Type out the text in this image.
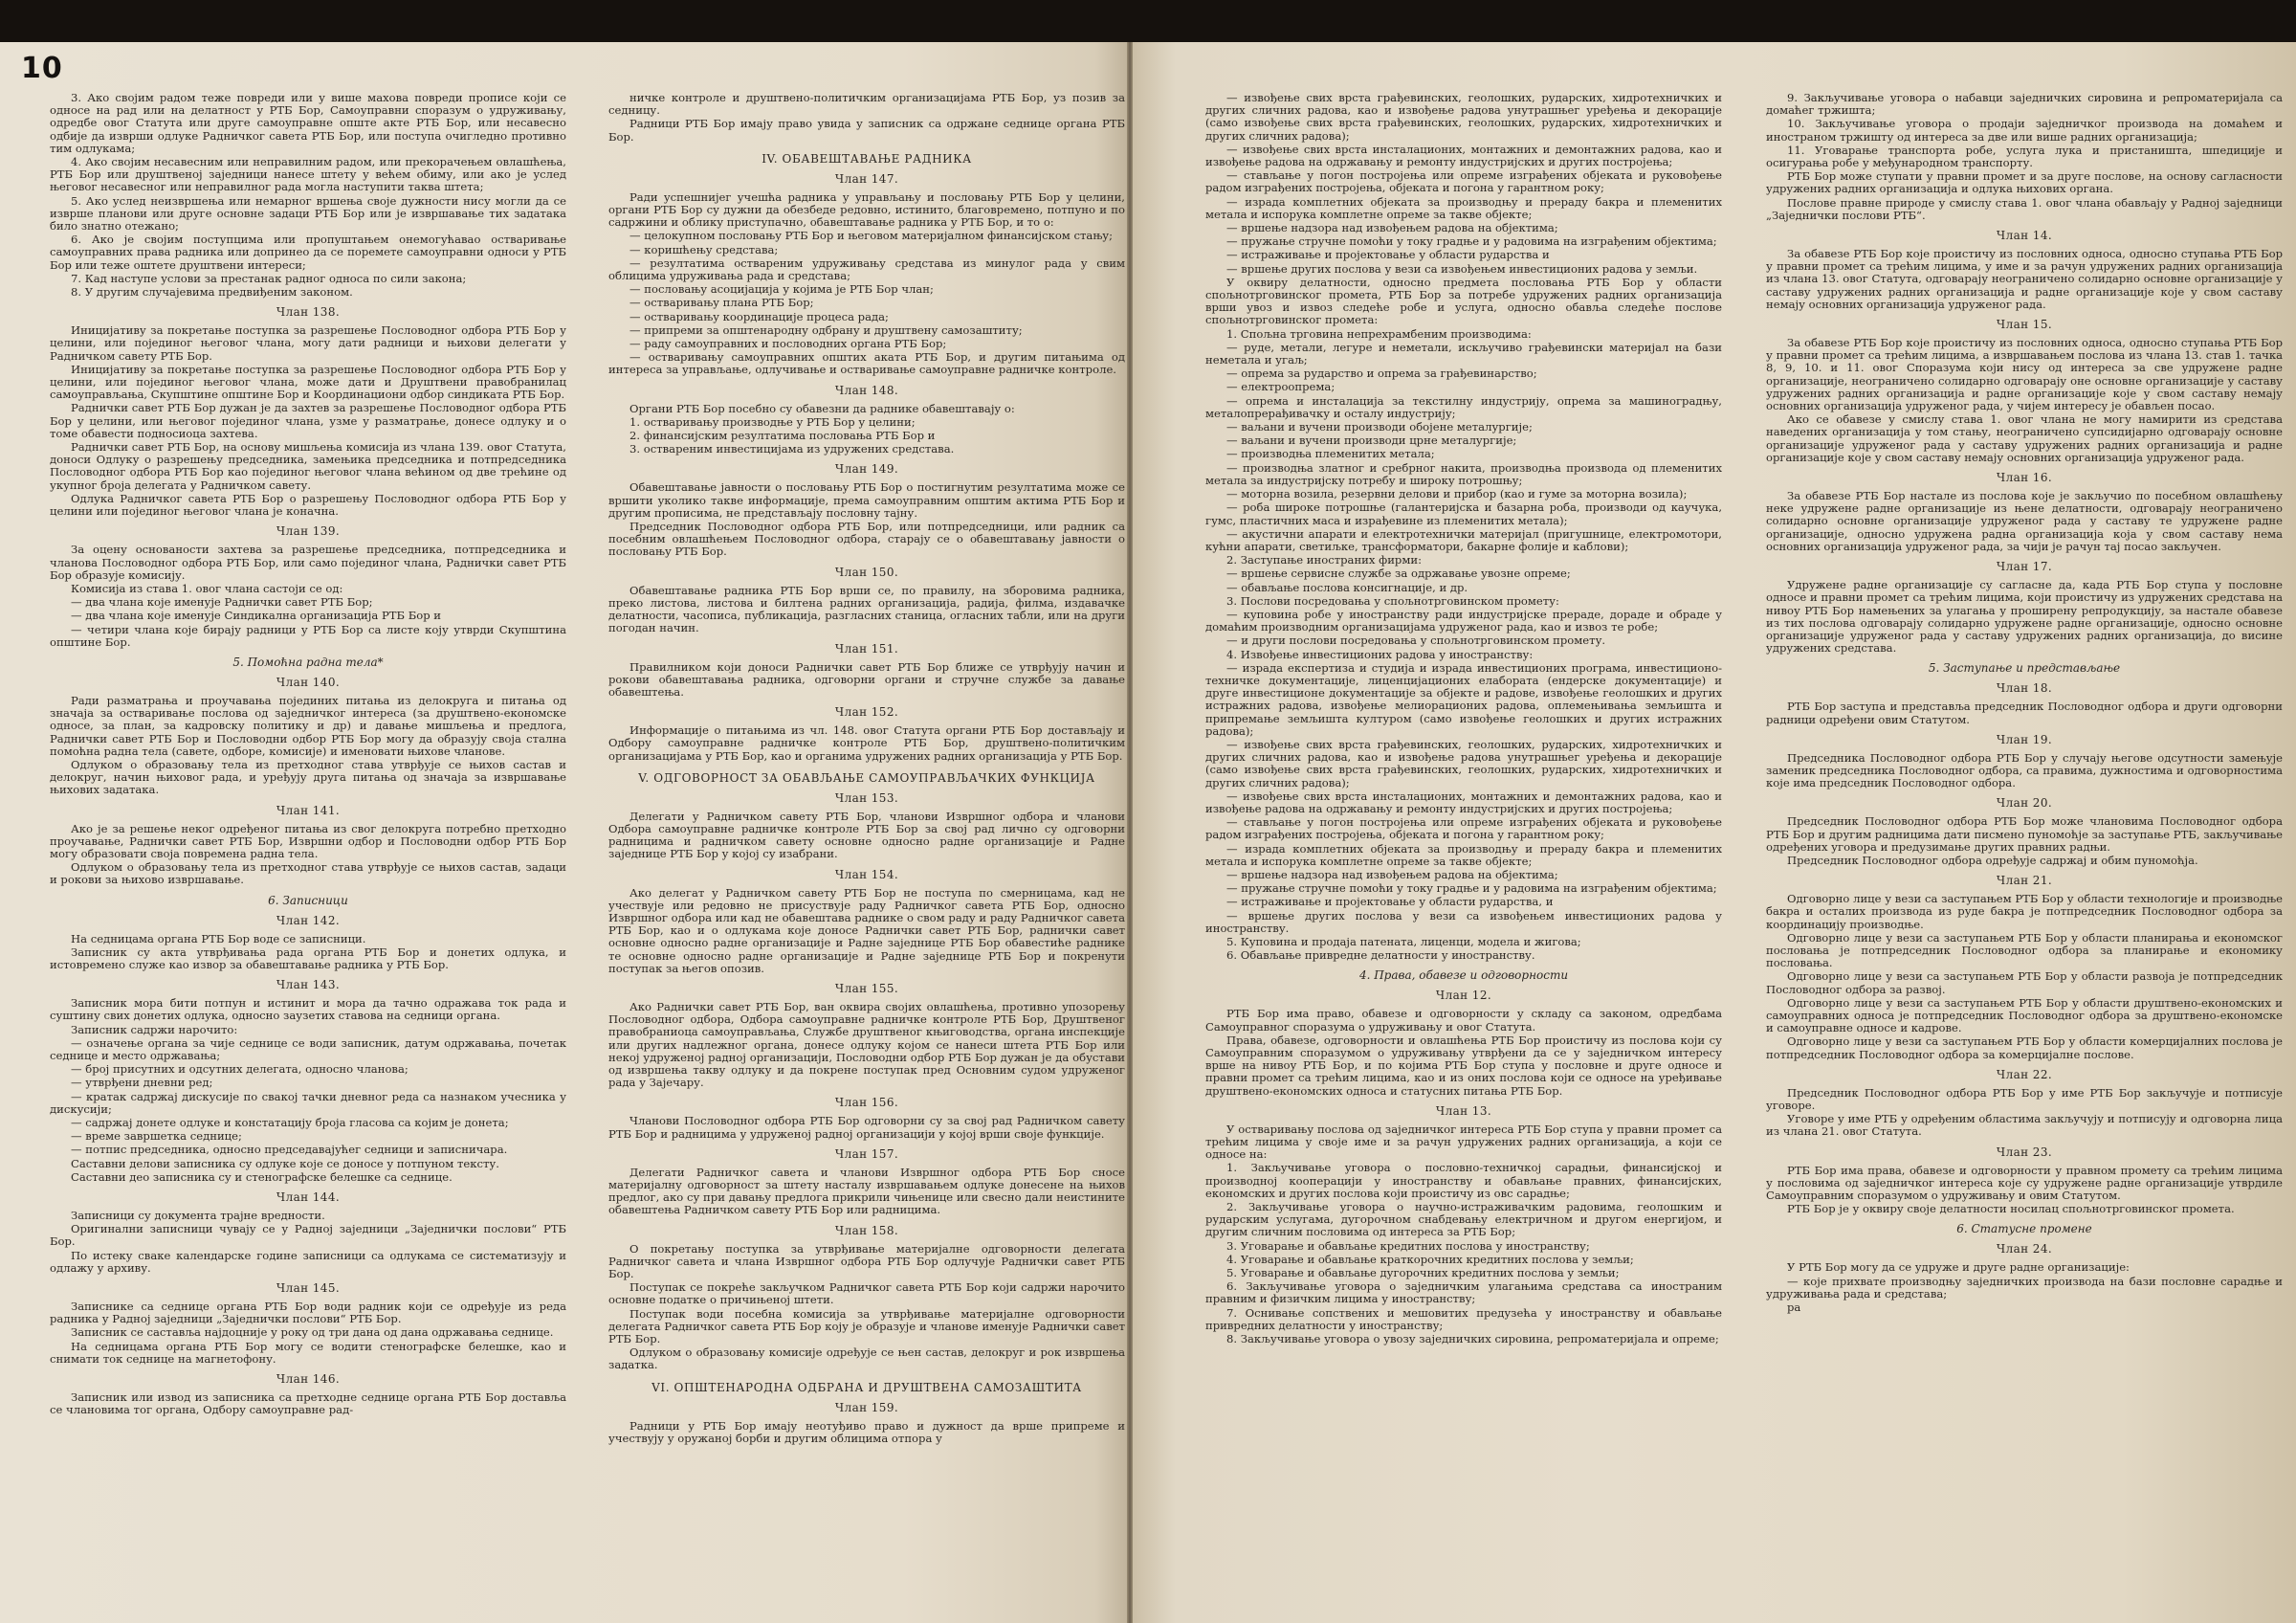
10

3. Ако својим радом теже повреди или у више махова повреди прописе који се односе на рад или на делатност у РТБ Бор, Самоуправни споразум о удруживању, одредбе овог Статута или друге самоуправне опште акте РТБ Бор, или несавесно одбије да изврши одлуке Радничког савета РТБ Бор, или поступа очигледно противно тим одлукама;

4. Ако својим несавесним или неправилним радом, или прекорачењем овлашћења, РТБ Бор или друштвеној заједници нанесе штету у већем обиму, или ако је услед његовог несавесног или неправилног рада могла наступити таква штета;

5. Ако услед неизвршења или немарног вршења своје дужности нису могли да се изврше планови или друге основне задаци РТБ Бор или је извршавање тих задатака било знатно отежано;

6. Ако је својим поступцима или пропуштањем онемогућавао остваривање самоуправних права радника или допринео да се поремете самоуправни односи у РТБ Бор или теже оштете друштвени интереси;

7. Кад наступе услови за престанак радног односа по сили закона;

8. У другим случајевима предвиђеним законом.

Члан 138.

Иницијативу за покретање поступка за разрешење Пословодног одбора РТБ Бор у целини, или појединог његовог члана, могу дати радници и њихови делегати у Радничком савету РТБ Бор.

Иницијативу за покретање поступка за разрешење Пословодног одбора РТБ Бор у целини, или појединог његовог члана, може дати и Друштвени правобранилац самоуправљања, Скупштине општине Бор и Координациони одбор синдиката РТБ Бор.

Раднички савет РТБ Бор дужан је да захтев за разрешење Пословодног одбора РТБ Бор у целини, или његовог појединог члана, узме у разматрање, донесе одлуку и о томе обавести подносиоца захтева.

Раднички савет РТБ Бор, на основу мишљења комисија из члана 139. овог Статута, доноси Одлуку о разрешењу председника, замењика председника и потпредседника Пословодног одбора РТБ Бор као појединог његовог члана већином од две трећине од укупног броја делегата у Радничком савету.

Одлука Радничког савета РТБ Бор о разрешењу Пословодног одбора РТБ Бор у целини или појединог његовог члана је коначна.

Члан 139.

За оцену основаности захтева за разрешење председника, потпредседника и чланова Пословодног одбора РТБ Бор, или само појединог члана, Раднички савет РТБ Бор образује комисију.

Комисија из става 1. овог члана састоји се од:

— два члана које именује Раднички савет РТБ Бор;

— два члана које именује Синдикална организација РТБ Бор и

— четири члана које бирају радници у РТБ Бор са листе коју утврди Скупштина општине Бор.

5. Помоћна радна тела*
Члан 140.

Ради разматрања и проучавања појединих питања из делокруга и питања од значаја за остваривање послова од заједничког интереса (за друштвено-економске односе, за план, за кадровску политику и др) и давање мишљења и предлога, Раднички савет РТБ Бор и Пословодни одбор РТБ Бор могу да образују своја стална помоћна радна тела (савете, одборе, комисије) и именовати њихове чланове.

Одлуком о образовању тела из претходног става утврђује се њихов састав и делокруг, начин њиховог рада, и уређују друга питања од значаја за извршавање њихових задатака.

Члан 141.

Ако је за решење неког одређеног питања из свог делокруга потребно претходно проучавање, Раднички савет РТБ Бор, Извршни одбор и Пословодни одбор РТБ Бор могу образовати своја повремена радна тела.

Одлуком о образовању тела из претходног става утврђује се њихов састав, задаци и рокови за њихово извршавање.

6. Записници
Члан 142.

На седницама органа РТБ Бор воде се записници.

Записник су акта утврђивања рада органа РТБ Бор и донетих одлука, и истовремено служе као извор за обавештавање радника у РТБ Бор.

Члан 143.

Записник мора бити потпун и истинит и мора да тачно одражава ток рада и суштину свих донетих одлука, односно заузетих ставова на седници органа.

Записник садржи нарочито:

— означење органа за чије седнице се води записник, датум одржавања, почетак седнице и место одржавања;

— број присутних и одсутних делегата, односно чланова;

— утврђени дневни ред;

— кратак садржај дискусије по свакој тачки дневног реда са назнаком учесника у дискусији;

— садржај донете одлуке и констатацију броја гласова са којим је донета;

— време завршетка седнице;

— потпис председника, односно председавајућег седници и записничара.

Саставни делови записника су одлуке које се доносе у потпуном тексту.

Саставни део записника су и стенографске белешке са седнице.

Члан 144.

Записници су документа трајне вредности.

Оригинални записници чувају се у Радној заједници „Заједнички послови“ РТБ Бор.

По истеку сваке календарске године записници са одлукама се систематизују и одлажу у архиву.

Члан 145.

Записнике са седнице органа РТБ Бор води радник који се одређује из реда радника у Радној заједници „Заједнички послови“ РТБ Бор.

Записник се саставља најдоцније у року од три дана од дана одржавања седнице.

На седницама органа РТБ Бор могу се водити стенографске белешке, као и снимати ток седнице на магнетофону.

Члан 146.

Записник или извод из записника са претходне седнице органа РТБ Бор доставља се члановима тог органа, Одбору самоуправне рад-

ничке контроле и друштвено-политичким организацијама РТБ Бор, уз позив за седницу.

Радници РТБ Бор имају право увида у записник са одржане седнице органа РТБ Бор.

IV. ОБАВЕШТАВАЊЕ РАДНИКА
Члан 147.

Ради успешнијег учешћа радника у управљању и пословању РТБ Бор у целини, органи РТБ Бор су дужни да обезбеде редовно, истинито, благовремено, потпуно и по садржини и облику приступачно, обавештавање радника у РТБ Бор, и то о:

— целокупном пословању РТБ Бор и његовом материјалном финансијском стању;

— коришћењу средстава;

— резултатима оствареним удруживању средстава из минулог рада у свим облицима удруживања рада и средстава;

— пословању асоцијација у којима је РТБ Бор члан;

— остваривању плана РТБ Бор;

— остваривању координације процеса рада;

— припреми за општенародну одбрану и друштвену самозаштиту;

— раду самоуправних и пословодних органа РТБ Бор;

— остваривању самоуправних општих аката РТБ Бор, и другим питањима од интереса за управљање, одлучивање и остваривање самоуправне радничке контроле.

Члан 148.

Органи РТБ Бор посебно су обавезни да раднике обавештавају о:

1. остваривању производње у РТБ Бор у целини;

2. финансијским резултатима пословања РТБ Бор и

3. оствареним инвестицијама из удружених средстава.

Члан 149.

Обавештавање јавности о пословању РТБ Бор о постигнутим резултатима може се вршити уколико такве информације, према самоуправним општим актима РТБ Бор и другим прописима, не представљају пословну тајну.

Председник Пословодног одбора РТБ Бор, или потпредседници, или радник са посебним овлашћењем Пословодног одбора, старају се о обавештавању јавности о пословању РТБ Бор.

Члан 150.

Обавештавање радника РТБ Бор врши се, по правилу, на зборовима радника, преко листова, листова и билтена радних организација, радија, филма, издавачке делатности, часописа, публикација, разгласних станица, огласних табли, или на други погодан начин.

Члан 151.

Правилником који доноси Раднички савет РТБ Бор ближе се утврђују начин и рокови обавештавања радника, одговорни органи и стручне службе за давање обавештења.

Члан 152.

Информације о питањима из чл. 148. овог Статута органи РТБ Бор достављају и Одбору самоуправне радничке контроле РТБ Бор, друштвено-политичким организацијама у РТБ Бор, као и органима удружених радних организација у РТБ Бор.

V. ОДГОВОРНОСТ ЗА ОБАВЉАЊЕ САМОУПРАВЉАЧКИХ ФУНКЦИЈА
Члан 153.

Делегати у Радничком савету РТБ Бор, чланови Извршног одбора и чланови Одбора самоуправне радничке контроле РТБ Бор за свој рад лично су одговорни радницима и радничком савету основне односно радне организације и Радне заједнице РТБ Бор у којој су изабрани.

Члан 154.

Ако делегат у Радничком савету РТБ Бор не поступа по смерницама, кад не учествује или редовно не присуствује раду Радничког савета РТБ Бор, односно Извршног одбора или кад не обавештава раднике о свом раду и раду Радничког савета РТБ Бор, као и о одлукама које доносе Раднички савет РТБ Бор, раднички савет основне односно радне организације и Радне заједнице РТБ Бор обавестиће раднике те основне односно радне организације и Радне заједнице РТБ Бор и покренути поступак за његов опозив.

Члан 155.

Ако Раднички савет РТБ Бор, ван оквира својих овлашћења, противно упозорењу Пословодног одбора, Одбора самоуправне радничке контроле РТБ Бор, Друштвеног правобраниоца самоуправљања, Службе друштвеног књиговодства, органа инспекције или других надлежног органа, донесе одлуку којом се нанеси штета РТБ Бор или некој удруженој радној организацији, Пословодни одбор РТБ Бор дужан је да обустави од извршења такву одлуку и да покрене поступак пред Основним судом удруженог рада у Зајечару.

Члан 156.

Чланови Пословодног одбора РТБ Бор одговорни су за свој рад Радничком савету РТБ Бор и радницима у удруженој радној организацији у којој врши своје функције.

Члан 157.

Делегати Радничког савета и чланови Извршног одбора РТБ Бор сносе материјалну одговорност за штету насталу извршавањем одлуке донесене на њихов предлог, ако су при давању предлога прикрили чињенице или свесно дали неистините обавештења Радничком савету РТБ Бор или радницима.

Члан 158.

О покретању поступка за утврђивање материјалне одговорности делегата Радничког савета и члана Извршног одбора РТБ Бор одлучује Раднички савет РТБ Бор.

Поступак се покреће закључком Радничког савета РТБ Бор који садржи нарочито основне податке о причињеној штети.

Поступак води посебна комисија за утврђивање материјалне одговорности делегата Радничког савета РТБ Бор коју је образује и чланове именује Раднички савет РТБ Бор.

Одлуком о образовању комисије одређује се њен састав, делокруг и рок извршења задатка.

VI. ОПШТЕНАРОДНА ОДБРАНА И ДРУШТВЕНА САМОЗАШТИТА
Члан 159.

Радници у РТБ Бор имају неотуђиво право и дужност да врше припреме и учествују у оружаној борби и другим облицима отпора у

— извођење свих врста грађевинских, геолошких, рударских, хидротехничких и других сличних радова, као и извођење радова унутрашњег уређења и декорације (само извођење свих врста грађевинских, геолошких, рударских, хидротехничких и других сличних радова);

— извођење свих врста инсталационих, монтажних и демонтажних радова, као и извођење радова на одржавању и ремонту индустријских и других постројења;

— стављање у погон постројења или опреме изграђених објеката и руковођење радом изграђених постројења, објеката и погона у гарантном року;

— израда комплетних објеката за производњу и прераду бакра и племенитих метала и испорука комплетне опреме за такве објекте;

— вршење надзора над извођењем радова на објектима;

— пружање стручне помоћи у току градње и у радовима на изграђеним објектима;

— истраживање и пројектовање у области рударства и

— вршење других послова у вези са извођењем инвестиционих радова у земљи.

У оквиру делатности, односно предмета пословања РТБ Бор у области спољнотрговинског промета, РТБ Бор за потребе удружених радних организација врши увоз и извоз следеће робе и услуга, односно обавља следеће послове спољнотрговинског промета:

1. Спољна трговина непрехрамбеним производима:

— руде, метали, легуре и неметали, искључиво грађевински материјал на бази неметала и угаљ;

— опрема за рударство и опрема за грађевинарство;

— електроопрема;

— опрема и инсталација за текстилну индустрију, опрема за машиноградњу, металопрерађивачку и осталу индустрију;

— ваљани и вучени производи обојене металургије;

— ваљани и вучени производи црне металургије;

— производња племенитих метала;

— производња златног и сребрног накита, производња производа од племенитих метала за индустријску потребу и широку потрошњу;

— моторна возила, резервни делови и прибор (као и гуме за моторна возила);

— роба широке потрошње (галантеријска и базарна роба, производи од каучука, гумс, пластичних маса и израђевине из племенитих метала);

— акустични апарати и електротехнички материјал (пригушнице, електромотори, кућни апарати, светиљке, трансформатори, бакарне фолије и каблови);

2. Заступање иностраних фирми:

— вршење сервисне службе за одржавање увозне опреме;

— обављање послова консигнације, и др.

3. Послови посредовања у спољнотрговинском промету:

— куповина робе у иностранству ради индустријске прераде, дораде и обраде у домаћим производним организацијама удруженог рада, као и извоз те робе;

— и други послови посредовања у спољнотрговинском промету.

4. Извођење инвестиционих радова у иностранству:

— израда експертиза и студија и израда инвестиционих програма, инвестиционо-техничке документације, лиценцијационих елабората (ендерске документације) и друге инвестиционе документације за објекте и радове, извођење геолошких и других истражних радова, извођење мелиорационих радова, оплемењивања земљишта и припремање земљишта културом (само извођење геолошких и других истражних радова);

— извођење свих врста грађевинских, геолошких, рударских, хидротехничких и других сличних радова, као и извођење радова унутрашњег уређења и декорације (само извођење свих врста грађевинских, геолошких, рударских, хидротехничких и других сличних радова);

— извођење свих врста инсталационих, монтажних и демонтажних радова, као и извођење радова на одржавању и ремонту индустријских и других постројења;

— стављање у погон постројења или опреме изграђених објеката и руковођење радом изграђених постројења, објеката и погона у гарантном року;

— израда комплетних објеката за производњу и прераду бакра и племенитих метала и испорука комплетне опреме за такве објекте;

— вршење надзора над извођењем радова на објектима;

— пружање стручне помоћи у току градње и у радовима на изграђеним објектима;

— истраживање и пројектовање у области рударства, и

— вршење других послова у вези са извођењем инвестиционих радова у иностранству.

5. Куповина и продаја патената, лиценци, модела и жигова;

6. Обављање привредне делатности у иностранству.

4. Права, обавезе и одговорности
Члан 12.

РТБ Бор има право, обавезе и одговорности у складу са законом, одредбама Самоуправног споразума о удруживању и овог Статута.

Права, обавезе, одговорности и овлашћења РТБ Бор проистичу из послова који су Самоуправним споразумом о удруживању утврђени да се у заједничком интересу врше на нивоу РТБ Бор, и по којима РТБ Бор ступа у пословне и друге односе и правни промет са трећим лицима, као и из оних послова који се односе на уређивање друштвено-економских односа и статусних питања РТБ Бор.

Члан 13.

У остваривању послова од заједничког интереса РТБ Бор ступа у правни промет са трећим лицима у своје име и за рачун удружених радних организација, а који се односе на:

1. Закључивање уговора о пословно-техничкој сарадњи, финансијској и производној кооперацији у иностранству и обављање правних, финансијских, економских и других послова који проистичу из овс сарадње;

2. Закључивање уговора о научно-истраживачким радовима, геолошким и рударским услугама, дугорочном снабдевању електричном и другом енергијом, и другим сличним пословима од интереса за РТБ Бор;

3. Уговарање и обављање кредитних послова у иностранству;

4. Уговарање и обављање краткорочних кредитних послова у земљи;

5. Уговарање и обављање дугорочних кредитних послова у земљи;

6. Закључивање уговора о заједничким улагањима средстава са иностраним правним и физичким лицима у иностранству;

7. Оснивање сопствених и мешовитих предузећа у иностранству и обављање привредних делатности у иностранству;

8. Закључивање уговора о увозу заједничких сировина, репроматеријала и опреме;

9. Закључивање уговора о набавци заједничких сировина и репроматеријала са домаћег тржишта;

10. Закључивање уговора о продаји заједничког производа на домаћем и иностраном тржишту од интереса за две или више радних организација;

11. Уговарање транспорта робе, услуга лука и пристаништа, шпедиције и осигурања робе у међународном транспорту.

РТБ Бор може ступати у правни промет и за друге послове, на основу сагласности удружених радних организација и одлука њихових органа.

Послове правне природе у смислу става 1. овог члана обављају у Радној заједници „Заједнички послови РТБ“.

Члан 14.

За обавезе РТБ Бор које проистичу из пословних односа, односно ступања РТБ Бор у правни промет са трећим лицима, у име и за рачун удружених радних организација из члана 13. овог Статута, одговарају неограничено солидарно основне организације у саставу удружених радних организација и радне организације које у свом саставу немају основних организација удруженог рада.

Члан 15.

За обавезе РТБ Бор које проистичу из пословних односа, односно ступања РТБ Бор у правни промет са трећим лицима, а извршавањем послова из члана 13. став 1. тачка 8, 9, 10. и 11. овог Споразума који нису од интереса за све удружене радне организације, неограничено солидарно одговарају оне основне организације у саставу удружених радних организација и радне организације које у свом саставу немају основних организација удруженог рада, у чијем интересу је обављен посао.

Ако се обавезе у смислу става 1. овог члана не могу намирити из средстава наведених организација у том стању, неограничено супсидијарно одговарају основне организације удруженог рада у саставу удружених радних организација и радне организације које у свом саставу немају основних организација удруженог рада.

Члан 16.

За обавезе РТБ Бор настале из послова које је закључио по посебном овлашћењу неке удружене радне организације из њене делатности, одговарају неограничено солидарно основне организације удруженог рада у саставу те удружене радне организације, односно удружена радна организација која у свом саставу нема основних организација удруженог рада, за чији је рачун тај посао закључен.

Члан 17.

Удружене радне организације су сагласне да, када РТБ Бор ступа у пословне односе и правни промет са трећим лицима, који проистичу из удружених средстава на нивоу РТБ Бор намењених за улагања у проширену репродукцију, за настале обавезе из тих послова одговарају солидарно удружене радне организације, односно основне организације удруженог рада у саставу удружених радних организација, до висине удружених средстава.

5. Заступање и представљање
Члан 18.

РТБ Бор заступа и представља председник Пословодног одбора и други одговорни радници одређени овим Статутом.

Члан 19.

Председника Пословодног одбора РТБ Бор у случају његове одсутности замењује заменик председника Пословодног одбора, са правима, дужностима и одговорностима које има председник Пословодног одбора.

Члан 20.

Председник Пословодног одбора РТБ Бор може члановима Пословодног одбора РТБ Бор и другим радницима дати писмено пуномоћје за заступање РТБ, закључивање одређених уговора и предузимање других правних радњи.

Председник Пословодног одбора одређује садржај и обим пуномоћја.

Члан 21.

Одговорно лице у вези са заступањем РТБ Бор у области технологије и производње бакра и осталих производа из руде бакра је потпредседник Пословодног одбора за координацију производње.

Одговорно лице у вези са заступањем РТБ Бор у области планирања и економског пословања је потпредседник Пословодног одбора за планирање и економику пословања.

Одговорно лице у вези са заступањем РТБ Бор у области развоја је потпредседник Пословодног одбора за развој.

Одговорно лице у вези са заступањем РТБ Бор у области друштвено-економских и самоуправних односа је потпредседник Пословодног одбора за друштвено-економске и самоуправне односе и кадрове.

Одговорно лице у вези са заступањем РТБ Бор у области комерцијалних послова је потпредседник Пословодног одбора за комерцијалне послове.

Члан 22.

Председник Пословодног одбора РТБ Бор у име РТБ Бор закључује и потписује уговоре.

Уговоре у име РТБ у одређеним областима закључују и потписују и одговорна лица из члана 21. овог Статута.

Члан 23.

РТБ Бор има права, обавезе и одговорности у правном промету са трећим лицима у пословима од заједничког интереса које су удружене радне организације утврдиле Самоуправним споразумом о удруживању и овим Статутом.

РТБ Бор је у оквиру своје делатности носилац спољнотрговинског промета.

6. Статусне промене
Члан 24.

У РТБ Бор могу да се удруже и друге радне организације:

— које прихвате производњу заједничких производа на бази пословне сарадње и удруживања рада и средстава;

ра
